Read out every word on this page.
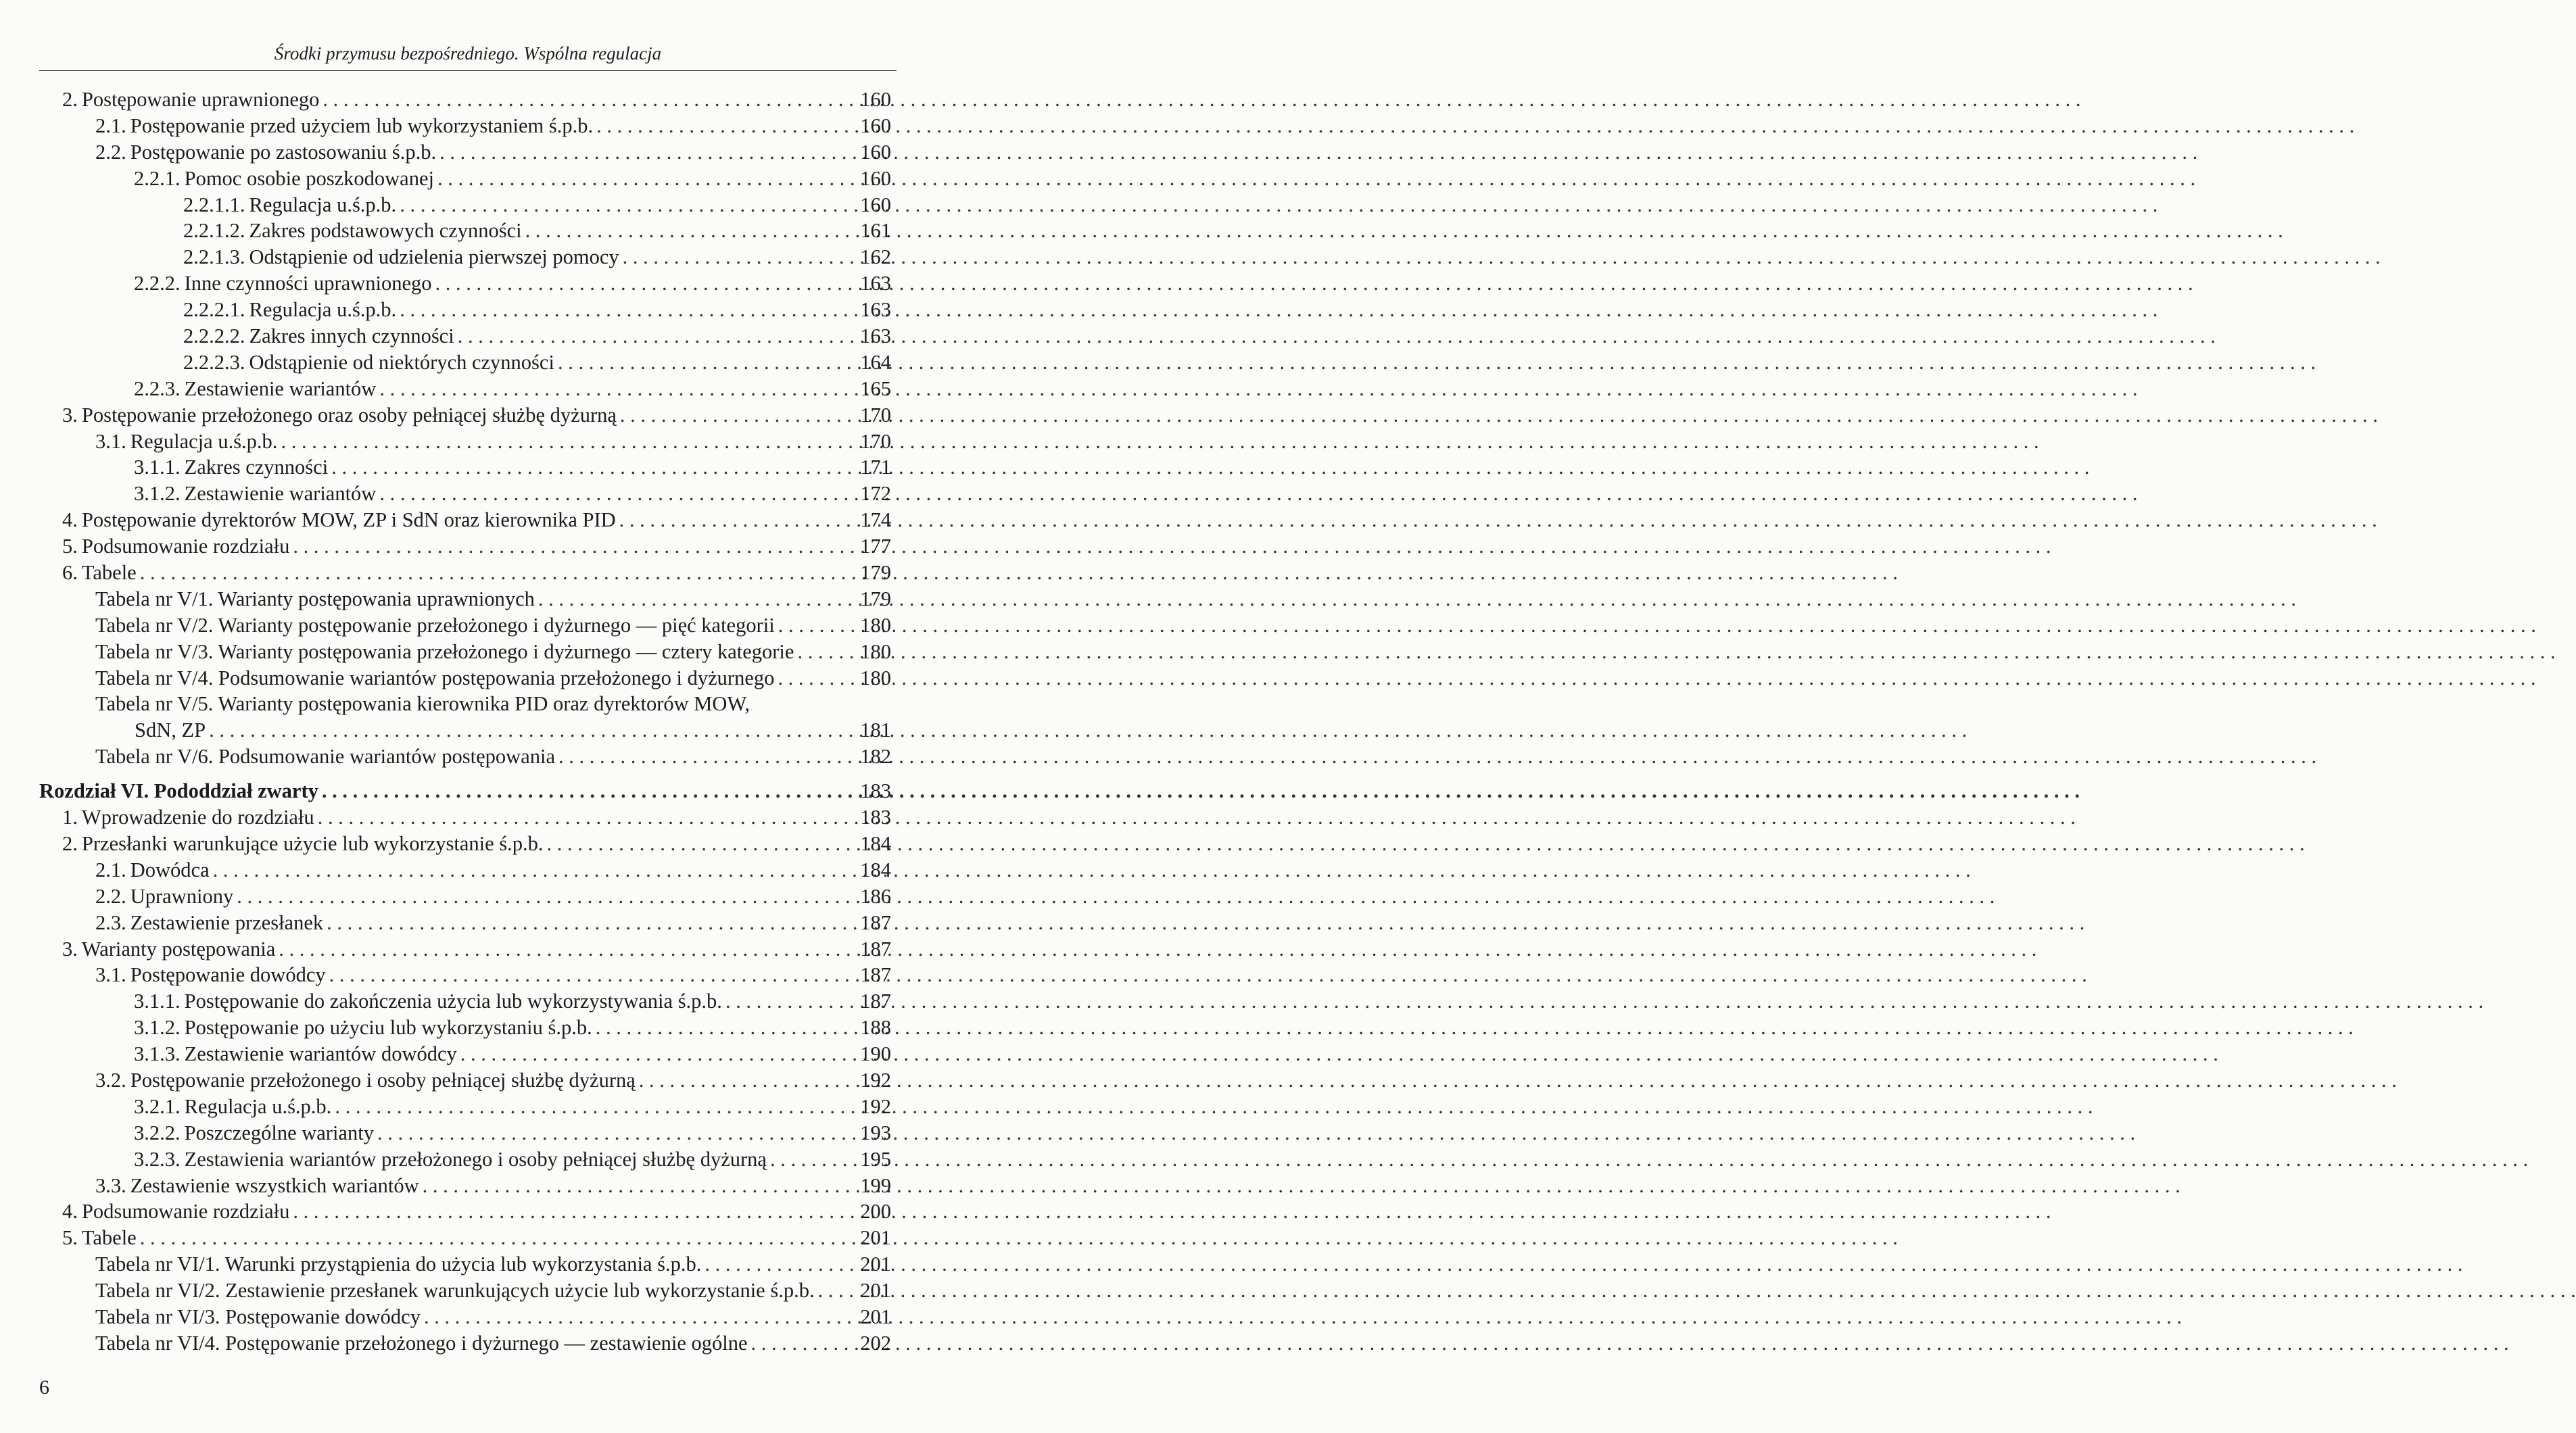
Środki przymusu bezpośredniego. Wspólna regulacja
2. Postępowanie uprawnionego . . .	160
2.1. Postępowanie przed użyciem lub wykorzystaniem ś.p.b. . . .	160
2.2. Postępowanie po zastosowaniu ś.p.b. . . .	160
2.2.1. Pomoc osobie poszkodowanej . . .	160
2.2.1.1. Regulacja u.ś.p.b. . . .	160
2.2.1.2. Zakres podstawowych czynności . . .	161
2.2.1.3. Odstąpienie od udzielenia pierwszej pomocy . . .	162
2.2.2. Inne czynności uprawnionego . . .	163
2.2.2.1. Regulacja u.ś.p.b. . . .	163
2.2.2.2. Zakres innych czynności . . .	163
2.2.2.3. Odstąpienie od niektórych czynności . . .	164
2.2.3. Zestawienie wariantów . . .	165
3. Postępowanie przełożonego oraz osoby pełniącej służbę dyżurną . . .	170
3.1. Regulacja u.ś.p.b. . . .	170
3.1.1. Zakres czynności . . .	171
3.1.2. Zestawienie wariantów . . .	172
4. Postępowanie dyrektorów MOW, ZP i SdN oraz kierownika PID . . .	174
5. Podsumowanie rozdziału . . .	177
6. Tabele . . .	179
Tabela nr V/1. Warianty postępowania uprawnionych . . .	179
Tabela nr V/2. Warianty postępowanie przełożonego i dyżurnego — pięć kategorii . . .	180
Tabela nr V/3. Warianty postępowania przełożonego i dyżurnego — cztery kategorie . . .	180
Tabela nr V/4. Podsumowanie wariantów postępowania przełożonego i dyżurnego . . .	180
Tabela nr V/5. Warianty postępowania kierownika PID oraz dyrektorów MOW,
SdN, ZP . . .	181
Tabela nr V/6. Podsumowanie wariantów postępowania . . .	182
Rozdział VI. Pododdział zwarty . . .	183
1. Wprowadzenie do rozdziału . . .	183
2. Przesłanki warunkujące użycie lub wykorzystanie ś.p.b. . . .	184
2.1. Dowódca . . .	184
2.2. Uprawniony . . .	186
2.3. Zestawienie przesłanek . . .	187
3. Warianty postępowania . . .	187
3.1. Postępowanie dowódcy . . .	187
3.1.1. Postępowanie do zakończenia użycia lub wykorzystywania ś.p.b. . . .	187
3.1.2. Postępowanie po użyciu lub wykorzystaniu ś.p.b. . . .	188
3.1.3. Zestawienie wariantów dowódcy . . .	190
3.2. Postępowanie przełożonego i osoby pełniącej służbę dyżurną . . .	192
3.2.1. Regulacja u.ś.p.b. . . .	192
3.2.2. Poszczególne warianty . . .	193
3.2.3. Zestawienia wariantów przełożonego i osoby pełniącej służbę dyżurną . . .	195
3.3. Zestawienie wszystkich wariantów . . .	199
4. Podsumowanie rozdziału . . .	200
5. Tabele . . .	201
Tabela nr VI/1. Warunki przystąpienia do użycia lub wykorzystania ś.p.b. . . .	201
Tabela nr VI/2. Zestawienie przesłanek warunkujących użycie lub wykorzystanie ś.p.b. . . . 201
Tabela nr VI/3. Postępowanie dowódcy . . .	201
Tabela nr VI/4. Postępowanie przełożonego i dyżurnego — zestawienie ogólne . . .	202
6
